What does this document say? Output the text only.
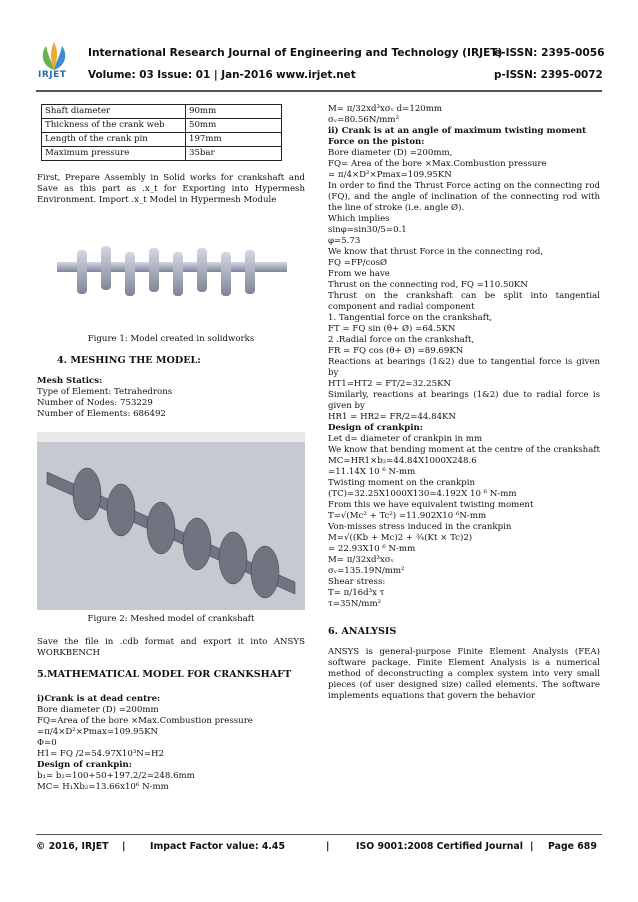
IRJET
International Research Journal of Engineering and Technology (IRJET)
e-ISSN: 2395-0056
Volume: 03 Issue: 01 | Jan-2016 www.irjet.net	p-ISSN: 2395-0072
Shaft diameter	90mm
Thickness of the crank web	50mm
Length of the crank pin	197mm
Maximum pressure	35bar

First, Prepare Assembly in Solid works for crankshaft and Save as this part as .x_t for Exporting into Hypermesh Environment. Import .x_t Model in Hypermesh Module

Figure 1: Model created in solidworks
4. MESHING THE MODEL:
Mesh Statics:
Type of Element: Tetrahedrons
Number of Nodes: 753229
Number of Elements: 686492
Figure 2: Meshed model of crankshaft

Save the file in .cdb format and export it into ANSYS WORKBENCH

5.MATHEMATICAL MODEL FOR CRANKSHAFT
i)Crank is at dead centre:
Bore diameter (D) =200mm
FQ=Area of the bore ×Max.Combustion pressure
=π/4×D²×Pmax=109.95KN
Φ=0
H1= FQ /2=54.97X10³N=H2
Design of crankpin:
b₁= b₂=100+50+197.2/2=248.6mm
MC= H₁Xb₂=13.66x10⁶ N-mm
M= π/32xd³xσᵥ d=120mm
σᵥ=80.56N/mm²
ii) Crank is at an angle of maximum twisting moment
Force on the piston:
Bore diameter (D) =200mm,
FQ= Area of the bore ×Max.Combustion pressure
= π/4×D²×Pmax=109.95KN

In order to find the Thrust Force acting on the connecting rod (FQ), and the angle of inclination of the connecting rod with the line of stroke (i.e. angle Ø).

Which implies
sinφ=sin30/5=0.1
φ=5.73
We know that thrust Force in the connecting rod,
FQ =FP/cosØ
From we have
Thrust on the connecting rod, FQ =110.50KN

Thrust on the crankshaft can be split into tangential component and radial component

1. Tangential force on the crankshaft,
FT = FQ sin (θ+ Ø) =64.5KN
2 .Radial force on the crankshaft,
FR = FQ cos (θ+ Ø) =89.69KN

Reactions at bearings (1&2) due to tangential force is given by

HT1=HT2 = FT/2=32.25KN

Similarly, reactions at bearings (1&2) due to radial force is given by

HR1 = HR2= FR/2=44.84KN
Design of crankpin:
Let d= diameter of crankpin in mm

We know that bending moment at the centre of the crankshaft

MC=HR1×b₂=44.84X1000X248.6
=11.14X 10 ⁶ N-mm
Twisting moment on the crankpin
(TC)=32.25X1000X130=4.192X 10 ⁶ N-mm
From this we have equivalent twisting moment
T=√(Mc² + Tc²) =11.902X10 ⁶N-mm
Von-misses stress induced in the crankpin
M=√((Kb + Mc)2 + ¾(Kt × Tc)2)
= 22.93X10 ⁶ N-mm
M= π/32xd³xσᵥ
σᵥ=135.19N/mm²
Shear stress:
T= π/16d³x τ
τ=35N/mm²
6. ANALYSIS

ANSYS is general-purpose Finite Element Analysis (FEA) software package. Finite Element Analysis is a numerical method of deconstructing a complex system into very small pieces (of user designed size) called elements. The software implements equations that govern the behavior

© 2016, IRJET |	Impact Factor value: 4.45	|	ISO 9001:2008 Certified Journal | Page 689
